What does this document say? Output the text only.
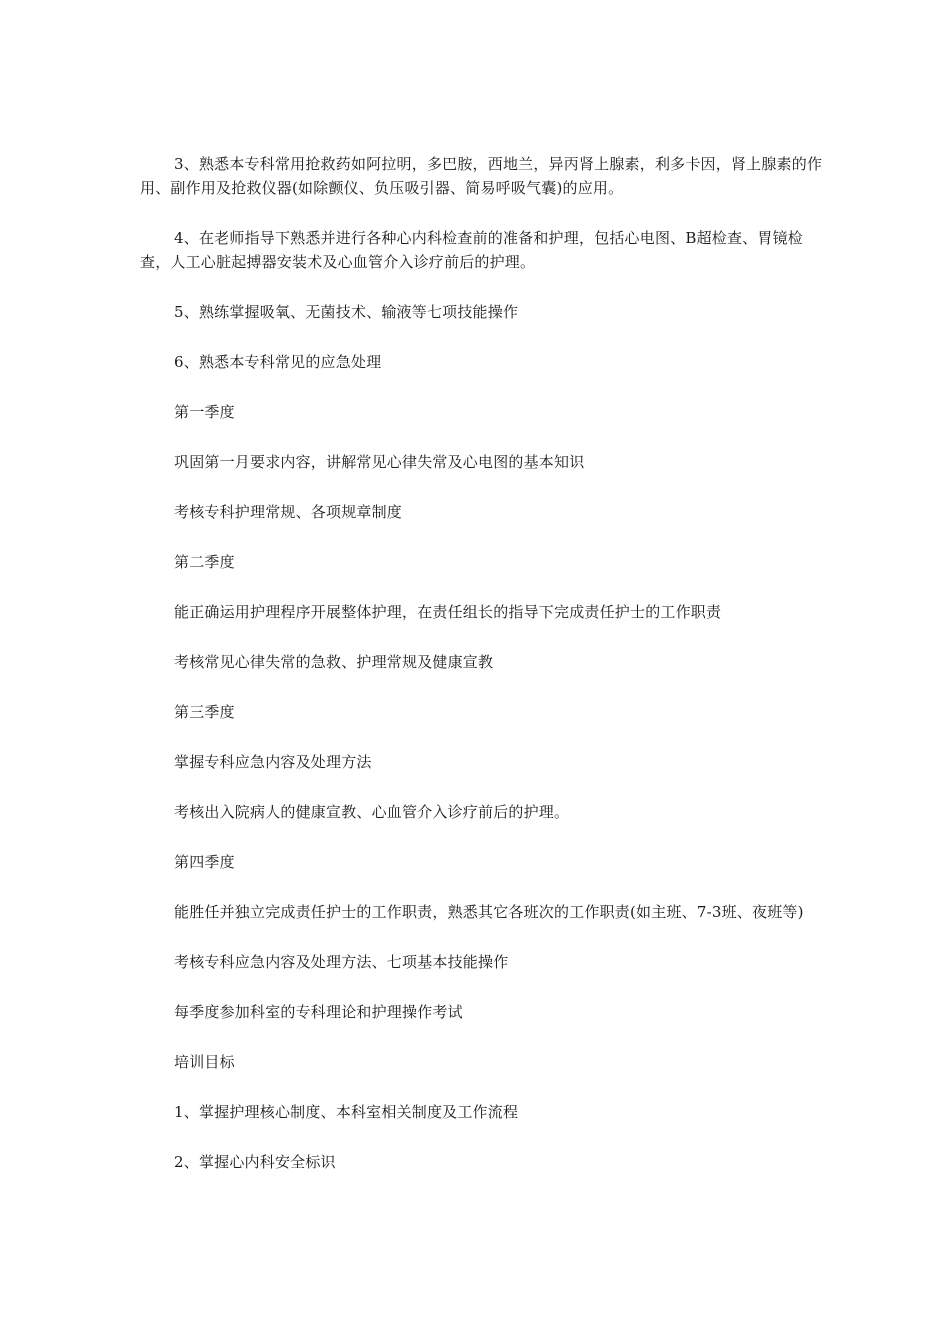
3、熟悉本专科常用抢救药如阿拉明，多巴胺，西地兰，异丙肾上腺素，利多卡因，肾上腺素的作用、副作用及抢救仪器(如除颤仪、负压吸引器、简易呼吸气囊)的应用。

4、在老师指导下熟悉并进行各种心内科检查前的准备和护理，包括心电图、B超检查、胃镜检查，人工心脏起搏器安装术及心血管介入诊疗前后的护理。

5、熟练掌握吸氧、无菌技术、输液等七项技能操作

6、熟悉本专科常见的应急处理

第一季度

巩固第一月要求内容，讲解常见心律失常及心电图的基本知识

考核专科护理常规、各项规章制度

第二季度

能正确运用护理程序开展整体护理，在责任组长的指导下完成责任护士的工作职责

考核常见心律失常的急救、护理常规及健康宣教

第三季度

掌握专科应急内容及处理方法

考核出入院病人的健康宣教、心血管介入诊疗前后的护理。

第四季度

能胜任并独立完成责任护士的工作职责，熟悉其它各班次的工作职责(如主班、7-3班、夜班等)

考核专科应急内容及处理方法、七项基本技能操作

每季度参加科室的专科理论和护理操作考试

培训目标

1、掌握护理核心制度、本科室相关制度及工作流程

2、掌握心内科安全标识
